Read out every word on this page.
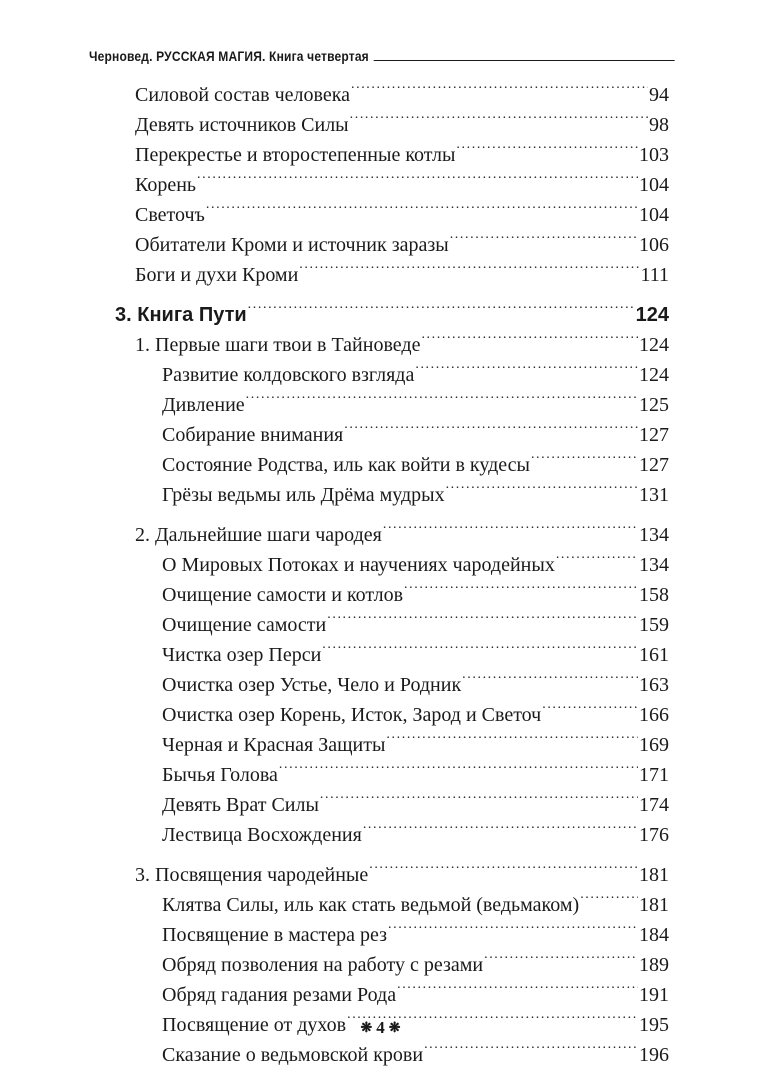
Черновед. РУССКАЯ МАГИЯ. Книга четвертая
Силовой состав человека .....	94
Девять источников Силы .....	98
Перекрестье и второстепенные котлы .....	103
Корень .....	104
Светочъ .....	104
Обитатели Кроми и источник заразы .....	106
Боги и духи Кроми .....	111
3. Книга Пути .....	124
1. Первые шаги твои в Тайноведе .....	124
Развитие колдовского взгляда .....	124
Дивление .....	125
Собирание внимания .....	127
Состояние Родства, иль как войти в кудесы .....	127
Грёзы ведьмы иль Дрёма мудрых .....	131
2. Дальнейшие шаги чародея .....	134
О Мировых Потоках и научениях чародейных .....	134
Очищение самости и котлов .....	158
Очищение самости .....	159
Чистка озер Перси .....	161
Очистка озер Устье, Чело и Родник .....	163
Очистка озер Корень, Исток, Зарод и Светоч .....	166
Черная и Красная Защиты .....	169
Бычья Голова .....	171
Девять Врат Силы .....	174
Лествица Восхождения .....	176
3. Посвящения чародейные .....	181
Клятва Силы, иль как стать ведьмой (ведьмаком) .....	181
Посвящение в мастера рез .....	184
Обряд позволения на работу с резами .....	189
Обряд гадания резами Рода .....	191
Посвящение от духов .....	195
Сказание о ведьмовской крови .....	196
❋ 4 ❋
